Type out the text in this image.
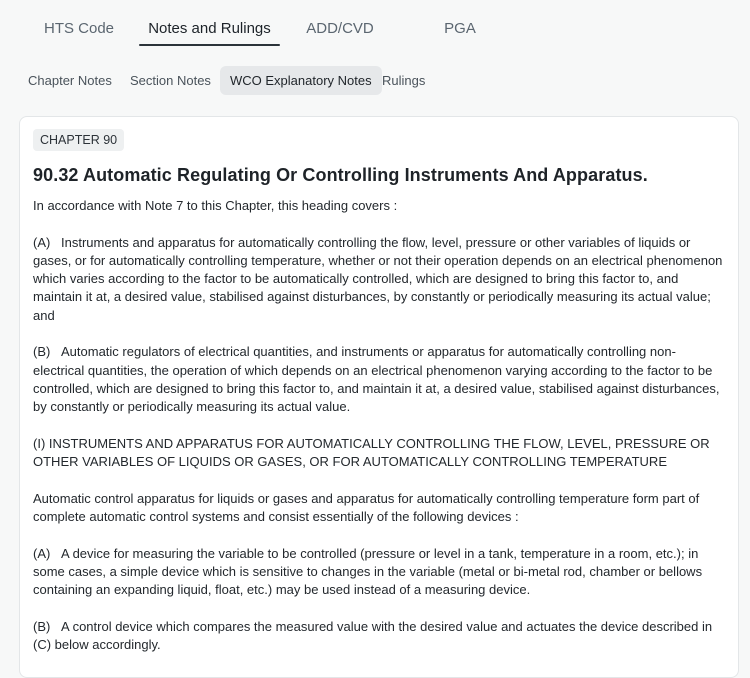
HTS Code	Notes and Rulings	ADD/CVD	PGA
Chapter Notes	Section Notes	WCO Explanatory Notes Rulings
CHAPTER 90
90.32 Automatic Regulating Or Controlling Instruments And Apparatus.

In accordance with Note 7 to this Chapter, this heading covers :

(A) Instruments and apparatus for automatically controlling the flow, level, pressure or other variables of liquids or gases, or for automatically controlling temperature, whether or not their operation depends on an electrical phenomenon which varies according to the factor to be automatically controlled, which are designed to bring this factor to, and maintain it at, a desired value, stabilised against disturbances, by constantly or periodically measuring its actual value; and

(B) Automatic regulators of electrical quantities, and instruments or apparatus for automatically controlling non-electrical quantities, the operation of which depends on an electrical phenomenon varying according to the factor to be controlled, which are designed to bring this factor to, and maintain it at, a desired value, stabilised against disturbances, by constantly or periodically measuring its actual value.

(I) INSTRUMENTS AND APPARATUS FOR AUTOMATICALLY CONTROLLING THE FLOW, LEVEL, PRESSURE OR OTHER VARIABLES OF LIQUIDS OR GASES, OR FOR AUTOMATICALLY CONTROLLING TEMPERATURE

Automatic control apparatus for liquids or gases and apparatus for automatically controlling temperature form part of complete automatic control systems and consist essentially of the following devices :

(A) A device for measuring the variable to be controlled (pressure or level in a tank, temperature in a room, etc.); in some cases, a simple device which is sensitive to changes in the variable (metal or bi-metal rod, chamber or bellows containing an expanding liquid, float, etc.) may be used instead of a measuring device.

(B) A control device which compares the measured value with the desired value and actuates the device described in (C) below accordingly.
